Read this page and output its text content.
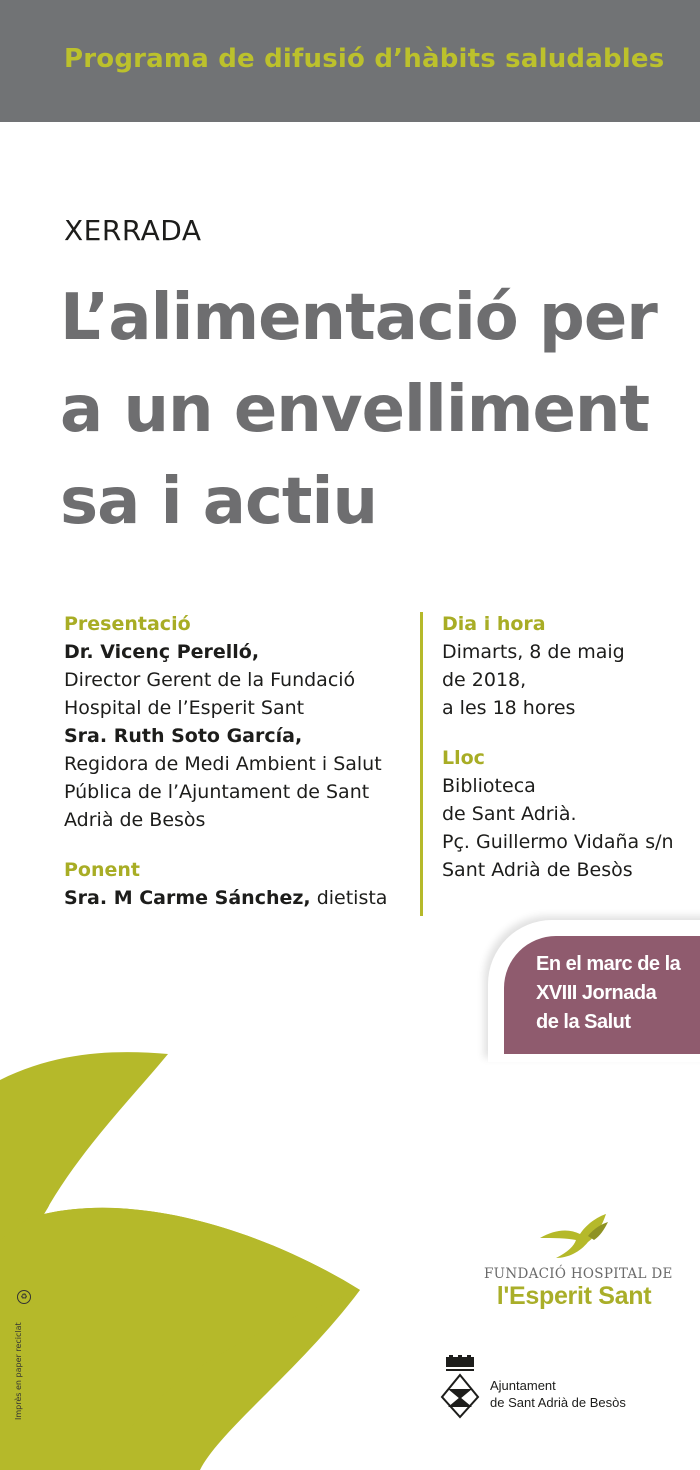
Programa de difusió d’hàbits saludables
XERRADA
L’alimentació per
a un envelliment
sa i actiu
Presentació
Dr. Vicenç Perelló,
Director Gerent de la Fundació
Hospital de l’Esperit Sant
Sra. Ruth Soto García,
Regidora de Medi Ambient i Salut
Pública de l’Ajuntament de Sant
Adrià de Besòs
Ponent
Sra. M Carme Sánchez, dietista
Dia i hora
Dimarts, 8 de maig
de 2018,
a les 18 hores
Lloc
Biblioteca
de Sant Adrià.
Pç. Guillermo Vidaña s/n
Sant Adrià de Besòs
En el marc de la
XVIII Jornada
de la Salut
♻
Imprès en paper reciclat
FUNDACIÓ HOSPITAL DE
l'Esperit Sant
Ajuntament
de Sant Adrià de Besòs
